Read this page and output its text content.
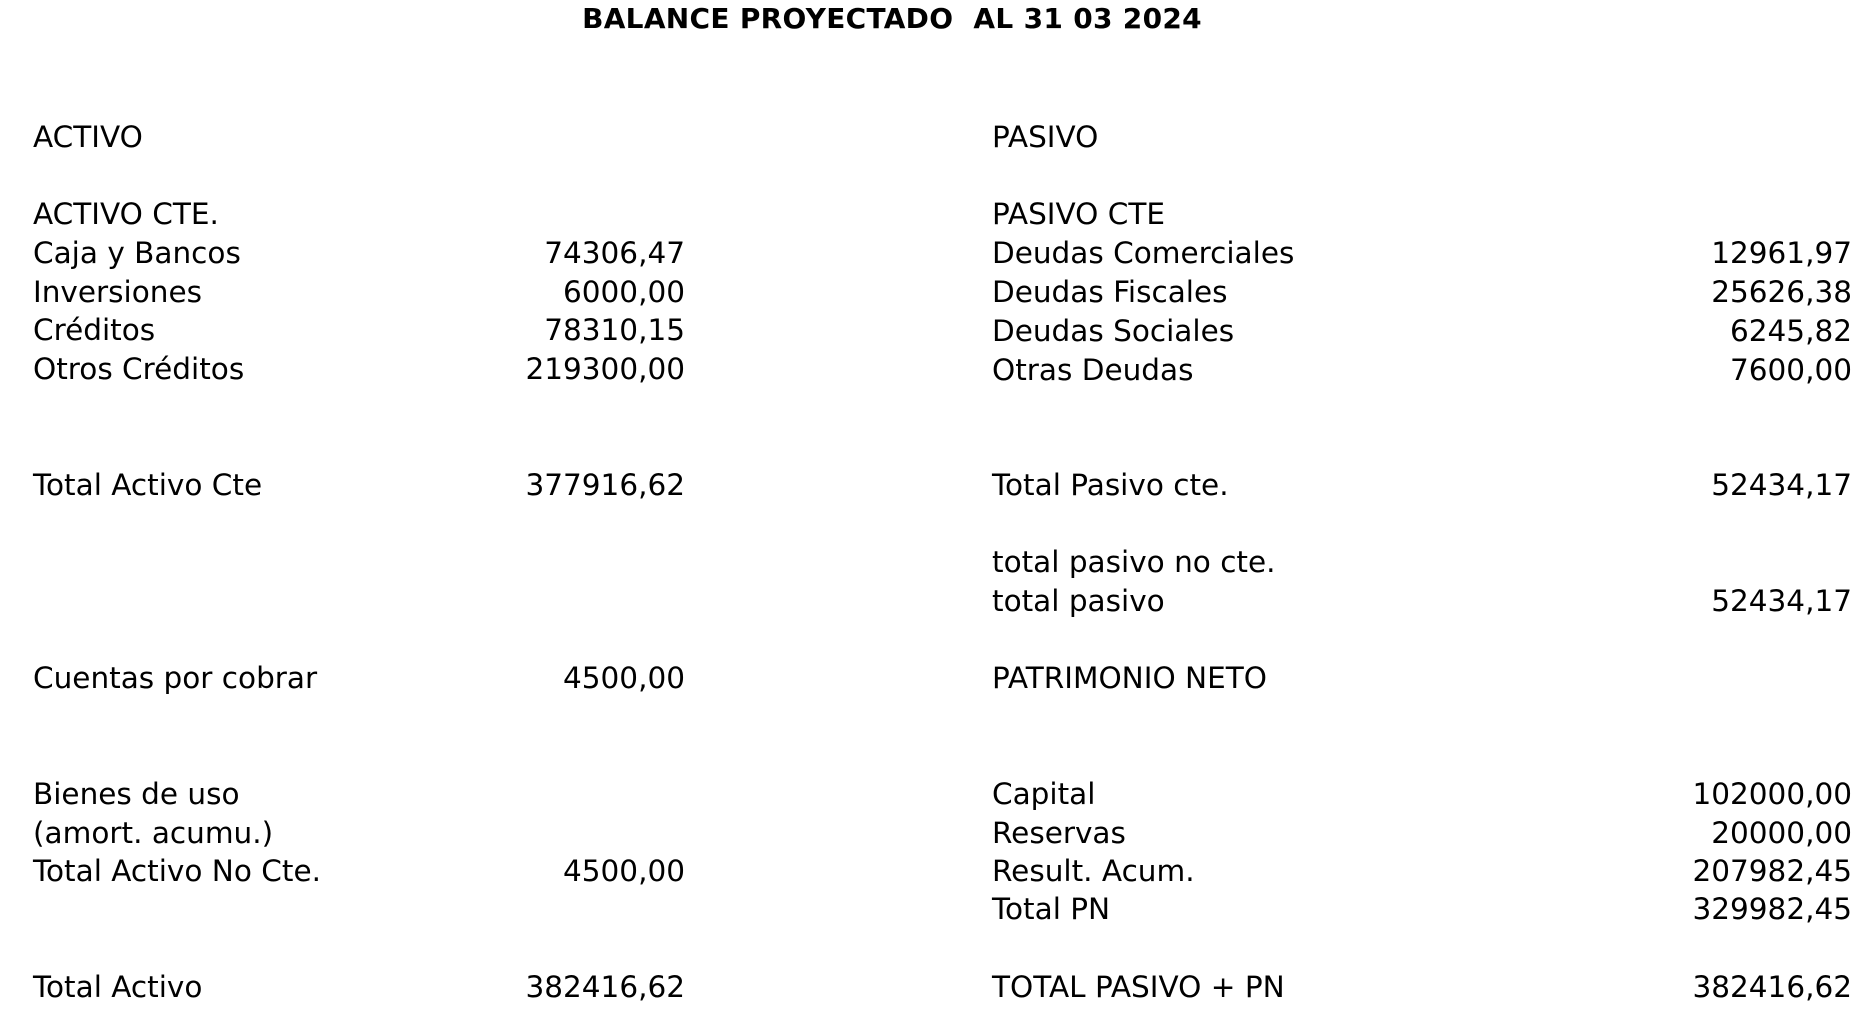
BALANCE PROYECTADO  AL 31 03 2024
ACTIVO
ACTIVO CTE.
Caja y Bancos	74306,47
Inversiones	6000,00
Créditos	78310,15
Otros Créditos	219300,00
Total Activo Cte	377916,62
Cuentas por cobrar	4500,00
Bienes de uso
(amort. acumu.)
Total Activo No Cte.	4500,00
Total Activo	382416,62
PASIVO
PASIVO CTE
Deudas Comerciales	12961,97
Deudas Fiscales	25626,38
Deudas Sociales	6245,82
Otras Deudas	7600,00
Total Pasivo cte.	52434,17
total pasivo no cte.
total pasivo	52434,17
PATRIMONIO NETO
Capital	102000,00
Reservas	20000,00
Result. Acum.	207982,45
Total PN	329982,45
TOTAL PASIVO + PN	382416,62
